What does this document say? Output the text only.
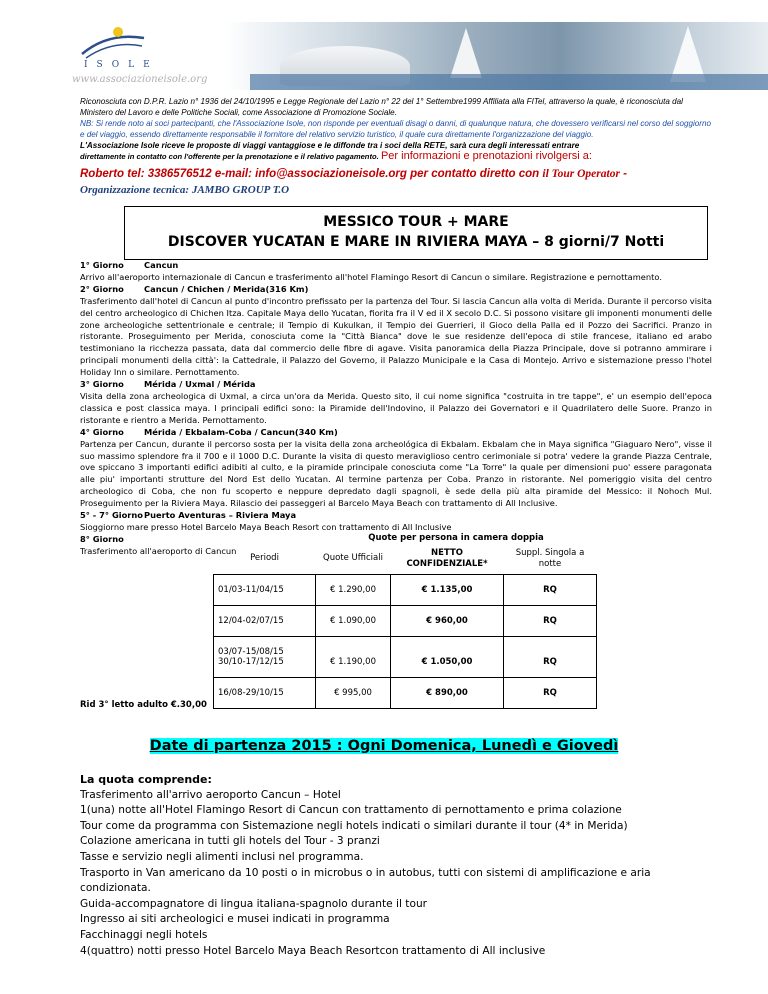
ISOLE
www.associazioneisole.org
Riconosciuta con D.P.R. Lazio n° 1936 del 24/10/1995 e Legge Regionale del Lazio n° 22 del 1° Settembre1999 Affiliata alla FITel, attraverso la quale, è riconosciuta dal Ministero del Lavoro e delle Politiche Sociali, come Associazione di Promozione Sociale.
NB: Si rende noto ai soci partecipanti, che l'Associazione Isole, non risponde per eventuali disagi o danni, di qualunque natura, che dovessero verificarsi nel corso del soggiorno e del viaggio, essendo direttamente responsabile il fornitore del relativo servizio turistico, il quale cura direttamente l'organizzazione del viaggio.
L'Associazione Isole riceve le proposte di viaggi vantaggiose e le diffonde tra i soci della RETE, sarà cura degli interessati entrare
direttamente in contatto con l'offerente per la prenotazione e il relativo pagamento. Per informazioni e prenotazioni rivolgersi a:
Roberto tel: 3386576512 e-mail: info@associazioneisole.org per contatto diretto con il Tour Operator -
Organizzazione tecnica: JAMBO GROUP T.O
MESSICO TOUR + MARE
DISCOVER YUCATAN E MARE IN RIVIERA MAYA – 8 giorni/7 Notti
1° Giorno Cancun

Arrivo all'aeroporto internazionale di Cancun e trasferimento all'hotel Flamingo Resort di Cancun o similare. Registrazione e pernottamento.

2° Giorno Cancun / Chichen / Merida(316 Km)

Trasferimento dall'hotel di Cancun al punto d'incontro prefissato per la partenza del Tour. Si lascia Cancun alla volta di Merida. Durante il percorso visita del centro archeologico di Chichen Itza. Capitale Maya dello Yucatan, fiorita fra il V ed il X secolo D.C. Si possono visitare gli imponenti monumenti delle zone archeologiche settentrionale e centrale; il Tempio di Kukulkan, il Tempio dei Guerrieri, il Gioco della Palla ed il Pozzo dei Sacrifici. Pranzo in ristorante. Proseguimento per Merida, conosciuta come la "Città Bianca" dove le sue residenze dell'epoca di stile francese, italiano ed arabo testimoniano la ricchezza passata, data dal commercio delle fibre di agave. Visita panoramica della Piazza Principale, dove si potranno ammirare i principali monumenti della città': la Cattedrale, il Palazzo del Governo, il Palazzo Municipale e la Casa di Montejo. Arrivo e sistemazione presso l'hotel Holiday Inn o similare. Pernottamento.

3° Giorno Mérida / Uxmal / Mérida

Visita della zona archeologica di Uxmal, a circa un'ora da Merida. Questo sito, il cui nome significa "costruita in tre tappe", e' un esempio dell'epoca classica e post classica maya. I principali edifici sono: la Piramide dell'Indovino, il Palazzo dei Governatori e il Quadrilatero delle Suore. Pranzo in ristorante e rientro a Merida. Pernottamento.

4° Giorno Mérida / Ekbalam-Coba / Cancun(340 Km)

Partenza per Cancun, durante il percorso sosta per la visita della zona archeológica di Ekbalam. Ekbalam che in Maya significa "Giaguaro Nero", visse il suo massimo splendore fra il 700 e il 1000 D.C. Durante la visita di questo meraviglioso centro cerimoniale si potra' vedere la grande Piazza Centrale, ove spiccano 3 importanti edifici adibiti al culto, e la piramide principale conosciuta come "La Torre" la quale per dimensioni puo' essere paragonata alle piu' importanti strutture del Nord Est dello Yucatan. Al termine partenza per Coba. Pranzo in ristorante. Nel pomeriggio visita del centro archeologico di Coba, che non fu scoperto e neppure depredato dagli spagnoli, è sede della più alta piramide del Messico: il Nohoch Mul. Proseguimento per la Riviera Maya. Rilascio dei passeggeri al Barcelo Maya Beach con trattamento di All Inclusive.

5° - 7° GiornoPuerto Aventuras – Riviera Maya

Sioggiorno mare presso Hotel Barcelo Maya Beach Resort con trattamento di All Inclusive

8° Giorno

Trasferimento all'aeroporto di Cancun

	Quote per persona in camera doppia		
Periodi	Quote Ufficiali	NETTO CONFIDENZIALE*	Suppl. Singola a notte
01/03-11/04/15	€ 1.290,00	€ 1.135,00	RQ
12/04-02/07/15	€ 1.090,00	€ 960,00	RQ

03/07-15/08/15
30/10-17/12/15	€ 1.190,00	€ 1.050,00	RQ
16/08-29/10/15	€ 995,00	€ 890,00	RQ
Rid 3° letto adulto €.30,00
Date di partenza 2015 : Ogni Domenica, Lunedì e Giovedì
La quota comprende:
Trasferimento all'arrivo aeroporto Cancun – Hotel
1(una) notte all'Hotel Flamingo Resort di Cancun con trattamento di pernottamento e prima colazione
Tour come da programma con Sistemazione negli hotels indicati o similari durante il tour (4* in Merida)
Colazione americana in tutti gli hotels del Tour - 3 pranzi
Tasse e servizio negli alimenti inclusi nel programma.
Trasporto in Van americano da 10 posti o in microbus o in autobus, tutti con sistemi di amplificazione e aria condizionata.
Guida-accompagnatore di lingua italiana-spagnolo durante il tour
Ingresso ai siti archeologici e musei indicati in programma
Facchinaggi negli hotels
4(quattro) notti presso Hotel Barcelo Maya Beach Resortcon trattamento di All inclusive
